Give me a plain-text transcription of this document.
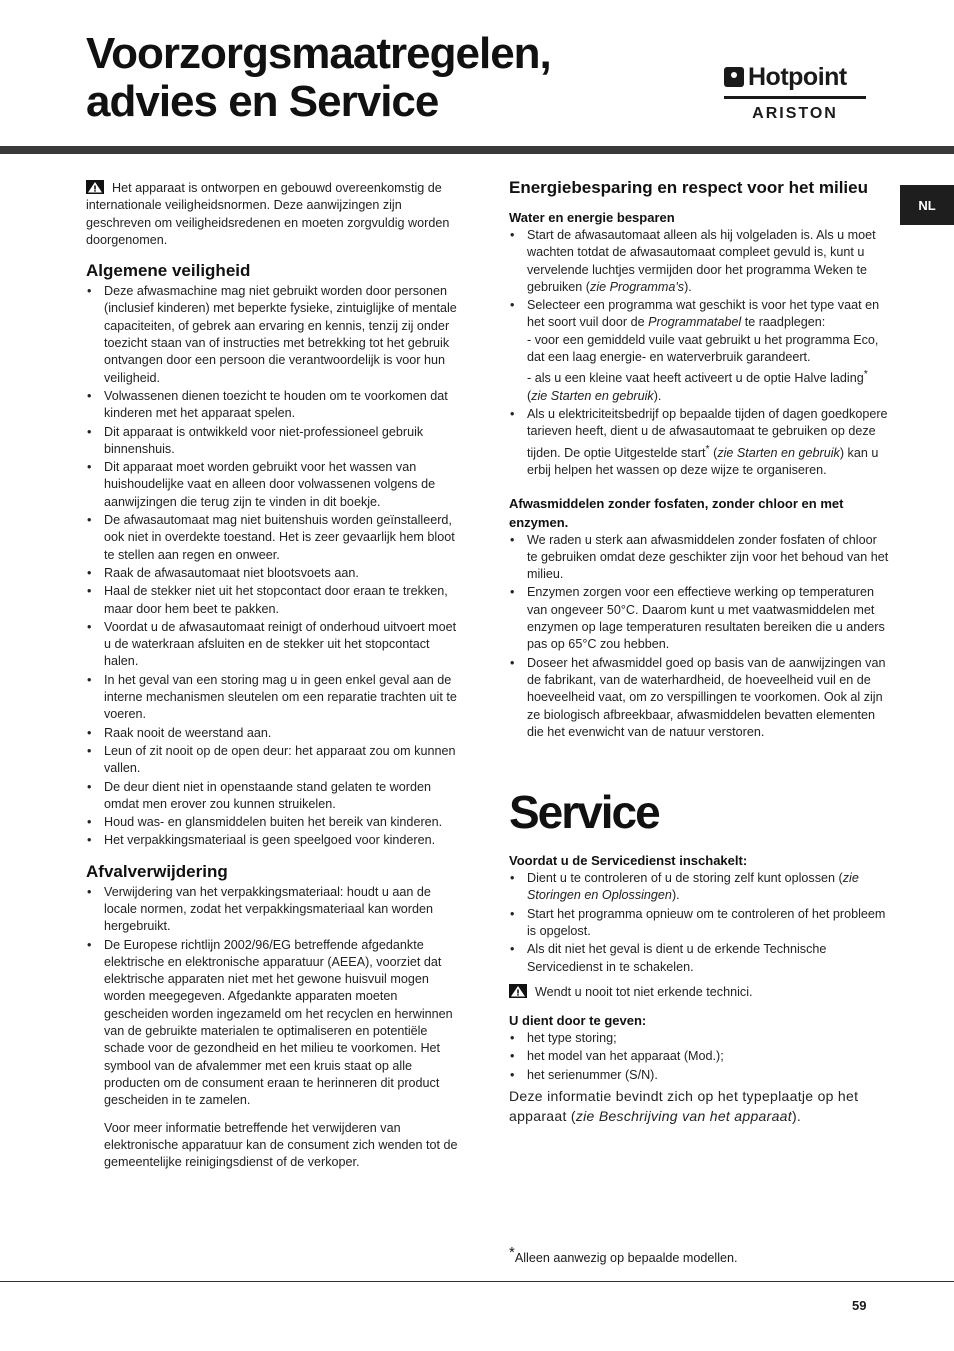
Voorzorgsmaatregelen,
advies en Service
Hotpoint
ARISTON
NL

Het apparaat is ontworpen en gebouwd overeenkomstig de internationale veiligheidsnormen. Deze aanwijzingen zijn geschreven om veiligheidsredenen en moeten zorgvuldig worden doorgenomen.

Algemene veiligheid
• Deze afwasmachine mag niet gebruikt worden door personen (inclusief kinderen) met beperkte fysieke, zintuiglijke of mentale capaciteiten, of gebrek aan ervaring en kennis, tenzij zij onder toezicht staan van of instructies met betrekking tot het gebruik ontvangen door een persoon die verantwoordelijk is voor hun veiligheid.
• Volwassenen dienen toezicht te houden om te voorkomen dat kinderen met het apparaat spelen.
• Dit apparaat is ontwikkeld voor niet-professioneel gebruik binnenshuis.
• Dit apparaat moet worden gebruikt voor het wassen van huishoudelijke vaat en alleen door volwassenen volgens de aanwijzingen die terug zijn te vinden in dit boekje.
• De afwasautomaat mag niet buitenshuis worden geïnstalleerd, ook niet in overdekte toestand. Het is zeer gevaarlijk hem bloot te stellen aan regen en onweer.
• Raak de afwasautomaat niet blootsvoets aan.
• Haal de stekker niet uit het stopcontact door eraan te trekken, maar door hem beet te pakken.
• Voordat u de afwasautomaat reinigt of onderhoud uitvoert moet u de waterkraan afsluiten en de stekker uit het stopcontact halen.
• In het geval van een storing mag u in geen enkel geval aan de interne mechanismen sleutelen om een reparatie trachten uit te voeren.
• Raak nooit de weerstand aan.
• Leun of zit nooit op de open deur: het apparaat zou om kunnen vallen.
• De deur dient niet in openstaande stand gelaten te worden omdat men erover zou kunnen struikelen.
• Houd was- en glansmiddelen buiten het bereik van kinderen.
• Het verpakkingsmateriaal is geen speelgoed voor kinderen.
Afvalverwijdering
• Verwijdering van het verpakkingsmateriaal: houdt u aan de locale normen, zodat het verpakkingsmateriaal kan worden hergebruikt.
• De Europese richtlijn 2002/96/EG betreffende afgedankte elektrische en elektronische apparatuur (AEEA), voorziet dat elektrische apparaten niet met het gewone huisvuil mogen worden meegegeven. Afgedankte apparaten moeten gescheiden worden ingezameld om het recyclen en herwinnen van de gebruikte materialen te optimaliseren en potentiële schade voor de gezondheid en het milieu te voorkomen. Het symbool van de afvalemmer met een kruis staat op alle producten om de consument eraan te herinneren dit product gescheiden in te zamelen.

Voor meer informatie betreffende het verwijderen van elektronische apparatuur kan de consument zich wenden tot de gemeentelijke reinigingsdienst of de verkoper.

Energiebesparing en respect voor het milieu
Water en energie besparen
• Start de afwasautomaat alleen als hij volgeladen is. Als u moet wachten totdat de afwasautomaat compleet gevuld is, kunt u vervelende luchtjes vermijden door het programma Weken te gebruiken (zie Programma's).
• Selecteer een programma wat geschikt is voor het type vaat en het soort vuil door de Programmatabel te raadplegen:
- voor een gemiddeld vuile vaat gebruikt u het programma Eco, dat een laag energie- en waterverbruik garandeert.
- als u een kleine vaat heeft activeert u de optie Halve lading* (zie Starten en gebruik).
• Als u elektriciteitsbedrijf op bepaalde tijden of dagen goedkopere tarieven heeft, dient u de afwasautomaat te gebruiken op deze tijden. De optie Uitgestelde start* (zie Starten en gebruik) kan u erbij helpen het wassen op deze wijze te organiseren.
Afwasmiddelen zonder fosfaten, zonder chloor en met enzymen.
• We raden u sterk aan afwasmiddelen zonder fosfaten of chloor te gebruiken omdat deze geschikter zijn voor het behoud van het milieu.
• Enzymen zorgen voor een effectieve werking op temperaturen van ongeveer 50°C. Daarom kunt u met vaatwasmiddelen met enzymen op lage temperaturen resultaten bereiken die u anders pas op 65°C zou hebben.
• Doseer het afwasmiddel goed op basis van de aanwijzingen van de fabrikant, van de waterhardheid, de hoeveelheid vuil en de hoeveelheid vaat, om zo verspillingen te voorkomen. Ook al zijn ze biologisch afbreekbaar, afwasmiddelen bevatten elementen die het evenwicht van de natuur verstoren.
Service
Voordat u de Servicedienst inschakelt:
• Dient u te controleren of u de storing zelf kunt oplossen (zie Storingen en Oplossingen).
• Start het programma opnieuw om te controleren of het probleem is opgelost.
• Als dit niet het geval is dient u de erkende Technische Servicedienst in te schakelen.

Wendt u nooit tot niet erkende technici.

U dient door te geven:
• het type storing;
• het model van het apparaat (Mod.);
• het serienummer (S/N).

Deze informatie bevindt zich op het typeplaatje op het apparaat (zie Beschrijving van het apparaat).

*Alleen aanwezig op bepaalde modellen.
59
